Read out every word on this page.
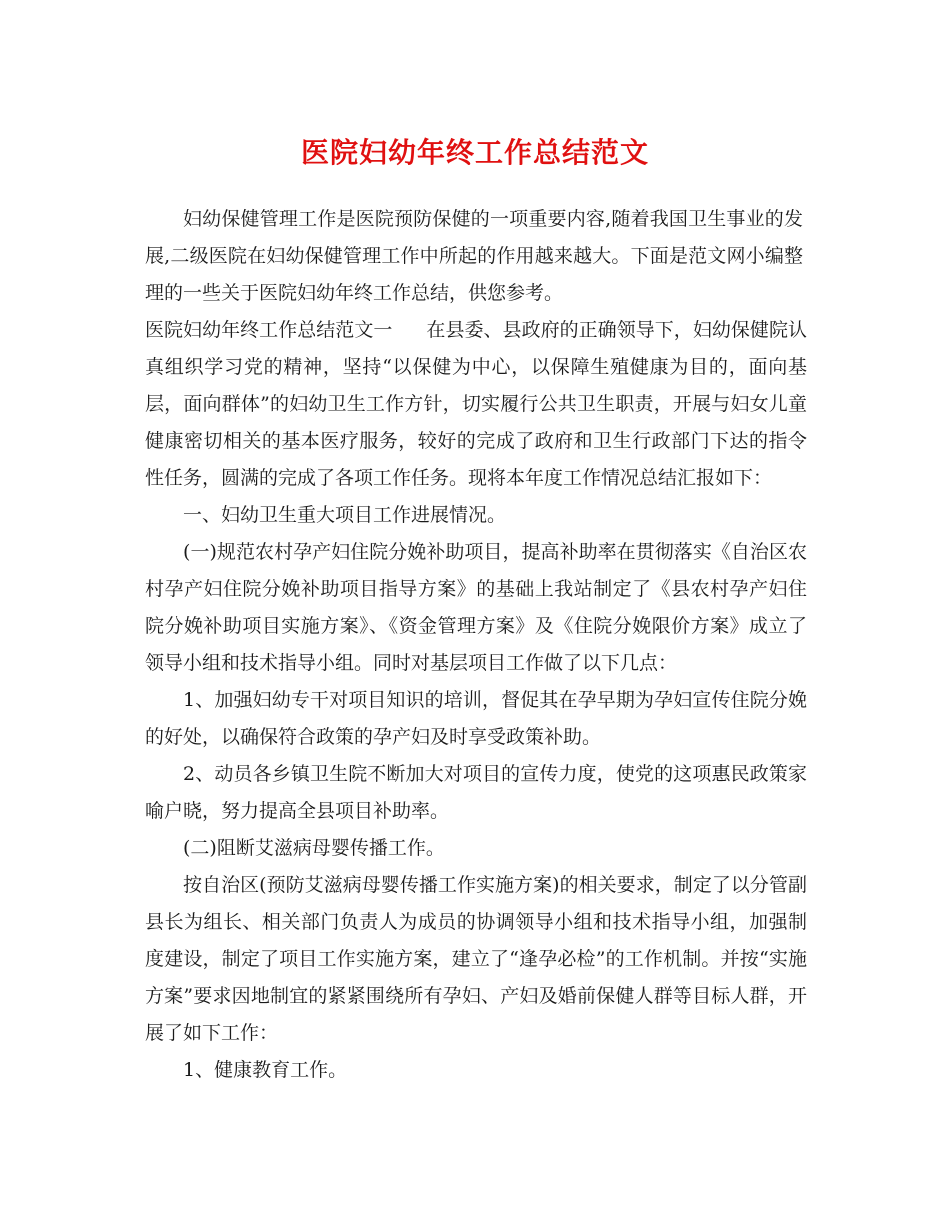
医院妇幼年终工作总结范文

妇幼保健管理工作是医院预防保健的一项重要内容,随着我国卫生事业的发展,二级医院在妇幼保健管理工作中所起的作用越来越大。下面是范文网小编整理的一些关于医院妇幼年终工作总结，供您参考。

医院妇幼年终工作总结范文一 在县委、县政府的正确领导下，妇幼保健院认真组织学习党的精神，坚持“以保健为中心，以保障生殖健康为目的，面向基层，面向群体”的妇幼卫生工作方针，切实履行公共卫生职责，开展与妇女儿童健康密切相关的基本医疗服务，较好的完成了政府和卫生行政部门下达的指令性任务，圆满的完成了各项工作任务。现将本年度工作情况总结汇报如下：

一、妇幼卫生重大项目工作进展情况。

(一)规范农村孕产妇住院分娩补助项目，提高补助率在贯彻落实《自治区农村孕产妇住院分娩补助项目指导方案》的基础上我站制定了《县农村孕产妇住院分娩补助项目实施方案》、《资金管理方案》及《住院分娩限价方案》成立了领导小组和技术指导小组。同时对基层项目工作做了以下几点：

1、加强妇幼专干对项目知识的培训，督促其在孕早期为孕妇宣传住院分娩的好处，以确保符合政策的孕产妇及时享受政策补助。

2、动员各乡镇卫生院不断加大对项目的宣传力度，使党的这项惠民政策家喻户晓，努力提高全县项目补助率。

(二)阻断艾滋病母婴传播工作。

按自治区(预防艾滋病母婴传播工作实施方案)的相关要求，制定了以分管副县长为组长、相关部门负责人为成员的协调领导小组和技术指导小组，加强制度建设，制定了项目工作实施方案，建立了“逢孕必检”的工作机制。并按“实施方案”要求因地制宜的紧紧围绕所有孕妇、产妇及婚前保健人群等目标人群，开展了如下工作：

1、健康教育工作。
